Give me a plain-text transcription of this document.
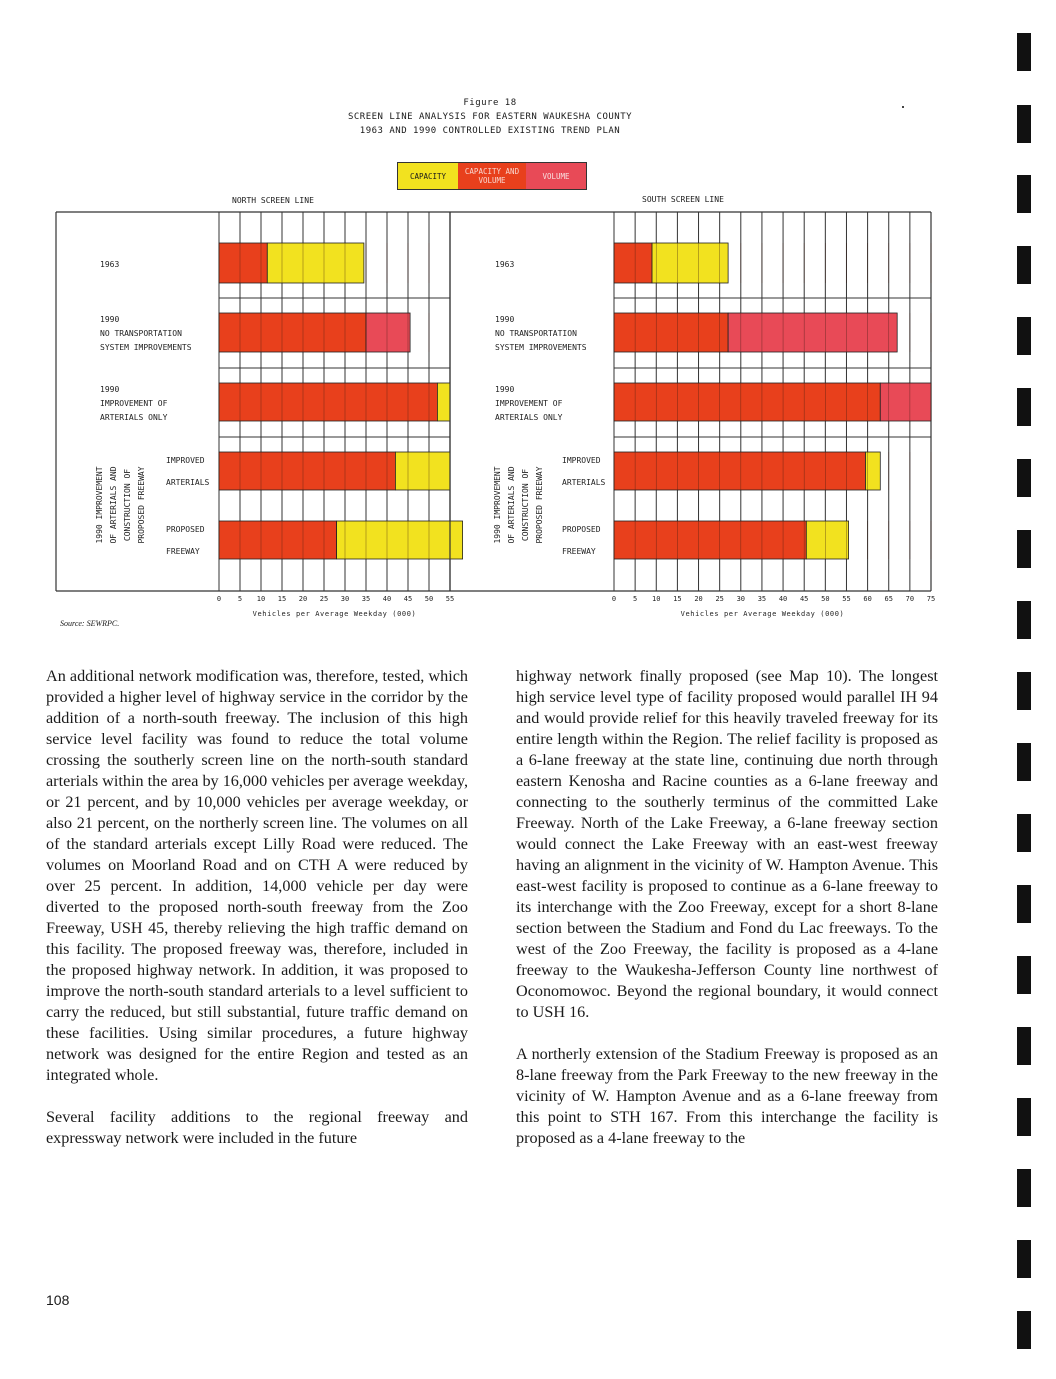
Figure 18
SCREEN LINE ANALYSIS FOR EASTERN WAUKESHA COUNTY
1963 AND 1990 CONTROLLED EXISTING TREND PLAN
CAPACITY	CAPACITY AND VOLUME	VOLUME
NORTH SCREEN LINE	SOUTH SCREEN LINE
0 5 10 15 20 25 30 35 40 45 50 55
Vehicles per Average Weekday (000)
1963
1990
NO TRANSPORTATION
SYSTEM IMPROVEMENTS
1990
IMPROVEMENT OF
ARTERIALS ONLY
1990 IMPROVEMENT OF ARTERIALS AND CONSTRUCTION OF PROPOSED FREEWAY
IMPROVED
ARTERIALS
PROPOSED
FREEWAY
0 5 10 15 20 25 30 35 40 45 50 55 60 65 70 75
Vehicles per Average Weekday (000)
1963
1990
NO TRANSPORTATION
SYSTEM IMPROVEMENTS
1990
IMPROVEMENT OF
ARTERIALS ONLY
1990 IMPROVEMENT OF ARTERIALS AND CONSTRUCTION OF PROPOSED FREEWAY
IMPROVED
ARTERIALS
PROPOSED
FREEWAY
Source: SEWRPC.

An additional network modification was, therefore, tested, which provided a higher level of highway service in the corridor by the addition of a north-south freeway. The inclusion of this high service level facility was found to reduce the total volume crossing the southerly screen line on the north-south standard arterials within the area by 16,000 vehicles per average weekday, or 21 percent, and by 10,000 vehicles per average weekday, or also 21 percent, on the northerly screen line. The volumes on all of the standard arterials except Lilly Road were reduced. The volumes on Moorland Road and on CTH A were reduced by over 25 percent. In addition, 14,000 vehicle per day were diverted to the proposed north-south freeway from the Zoo Freeway, USH 45, thereby relieving the high traffic demand on this facility. The proposed freeway was, therefore, included in the proposed highway network. In addition, it was proposed to improve the north-south standard arterials to a level sufficient to carry the reduced, but still substantial, future traffic demand on these facilities. Using similar procedures, a future highway network was designed for the entire Region and tested as an integrated whole.

Several facility additions to the regional freeway and expressway network were included in the future

highway network finally proposed (see Map 10). The longest high service level type of facility proposed would parallel IH 94 and would provide relief for this heavily traveled freeway for its entire length within the Region. The relief facility is proposed as a 6-lane freeway at the state line, continuing due north through eastern Kenosha and Racine counties as a 6-lane freeway and connecting to the southerly terminus of the committed Lake Freeway. North of the Lake Freeway, a 6-lane freeway section would connect the Lake Freeway with an east-west freeway having an alignment in the vicinity of W. Hampton Avenue. This east-west facility is proposed to continue as a 6-lane freeway to its interchange with the Zoo Freeway, except for a short 8-lane section between the Stadium and Fond du Lac freeways. To the west of the Zoo Freeway, the facility is proposed as a 4-lane freeway to the Waukesha-Jefferson County line northwest of Oconomowoc. Beyond the regional boundary, it would connect to USH 16.

A northerly extension of the Stadium Freeway is proposed as an 8-lane freeway from the Park Freeway to the new freeway in the vicinity of W. Hampton Avenue and as a 6-lane freeway from this point to STH 167. From this interchange the facility is proposed as a 4-lane freeway to the

108
